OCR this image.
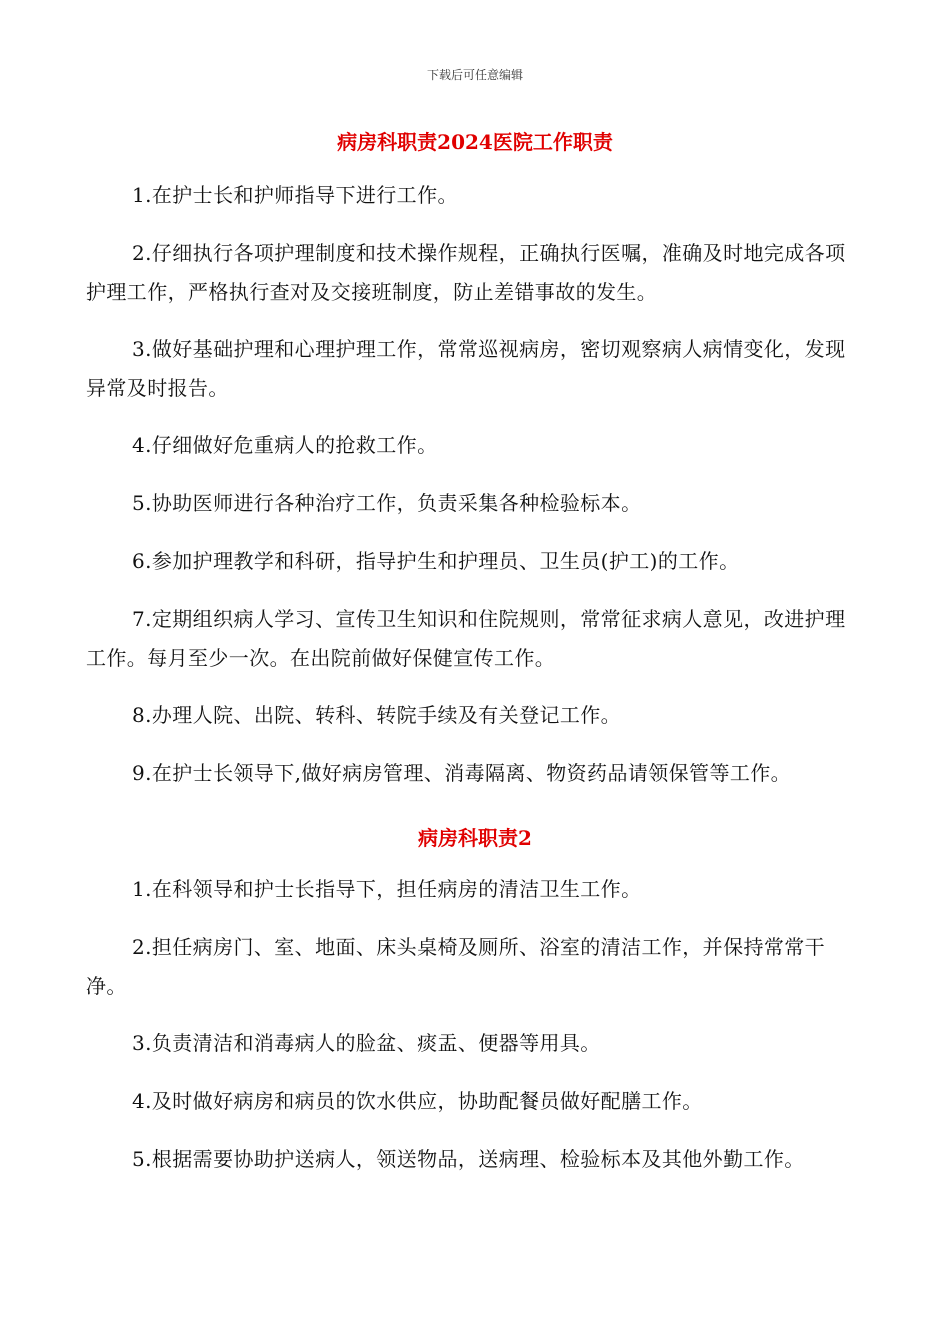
下载后可任意编辑
病房科职责2024医院工作职责

1.在护士长和护师指导下进行工作。

2.仔细执行各项护理制度和技术操作规程，正确执行医嘱，准确及时地完成各项护理工作，严格执行查对及交接班制度，防止差错事故的发生。

3.做好基础护理和心理护理工作，常常巡视病房，密切观察病人病情变化，发现异常及时报告。

4.仔细做好危重病人的抢救工作。

5.协助医师进行各种治疗工作，负责采集各种检验标本。

6.参加护理教学和科研，指导护生和护理员、卫生员(护工)的工作。

7.定期组织病人学习、宣传卫生知识和住院规则，常常征求病人意见，改进护理工作。每月至少一次。在出院前做好保健宣传工作。

8.办理人院、出院、转科、转院手续及有关登记工作。

9.在护士长领导下,做好病房管理、消毒隔离、物资药品请领保管等工作。

病房科职责2

1.在科领导和护士长指导下，担任病房的清洁卫生工作。

2.担任病房门、室、地面、床头桌椅及厕所、浴室的清洁工作，并保持常常干净。

3.负责清洁和消毒病人的脸盆、痰盂、便器等用具。

4.及时做好病房和病员的饮水供应，协助配餐员做好配膳工作。

5.根据需要协助护送病人，领送物品，送病理、检验标本及其他外勤工作。
